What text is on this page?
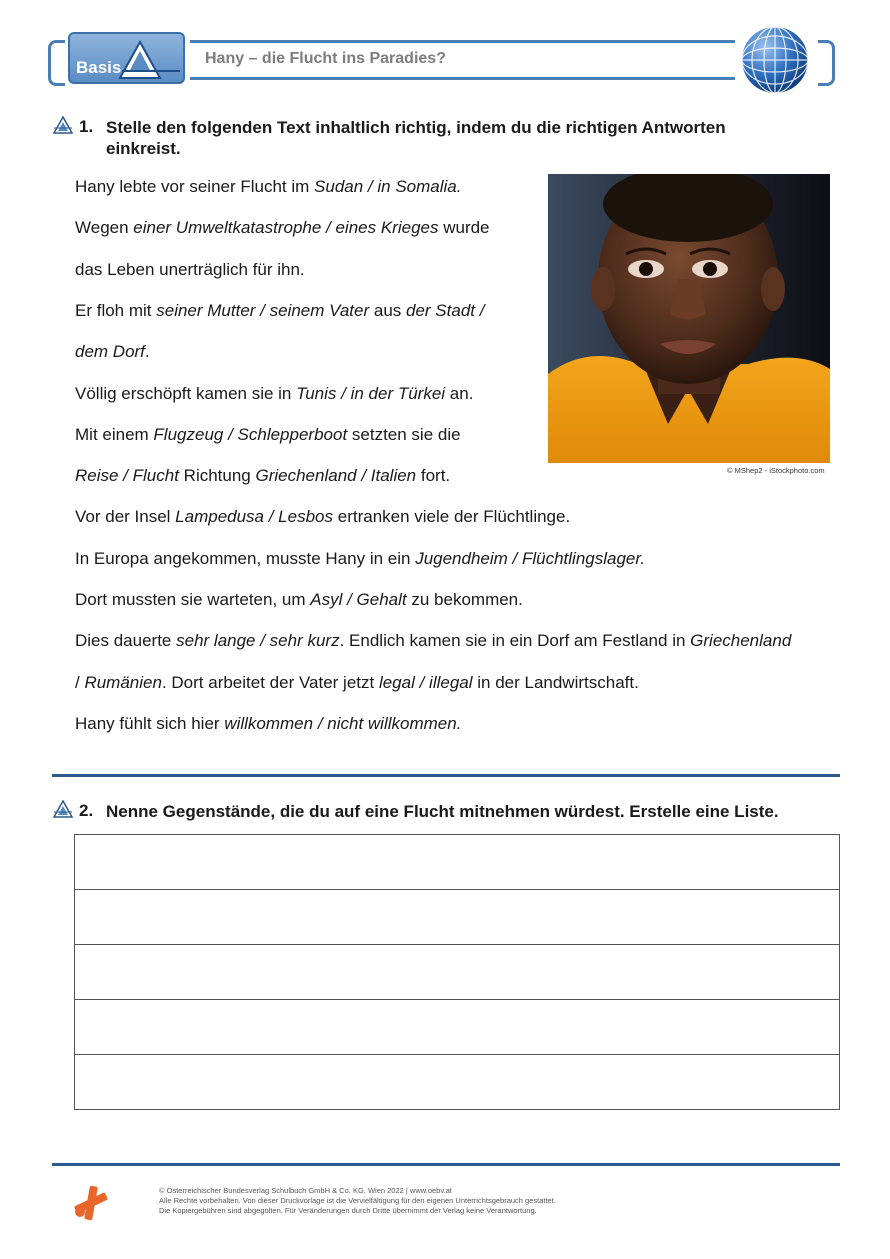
Basis	Hany – die Flucht ins Paradies?
1. Stelle den folgenden Text inhaltlich richtig, indem du die richtigen Antworten
einkreist.
© MShep2 - iStockphoto.com
Hany lebte vor seiner Flucht im Sudan / in Somalia.
Wegen einer Umweltkatastrophe / eines Krieges wurde
das Leben unerträglich für ihn.
Er floh mit seiner Mutter / seinem Vater aus der Stadt /
dem Dorf.
Völlig erschöpft kamen sie in Tunis / in der Türkei an.
Mit einem Flugzeug / Schlepperboot setzten sie die
Reise / Flucht Richtung Griechenland / Italien fort.
Vor der Insel Lampedusa / Lesbos ertranken viele der Flüchtlinge.
In Europa angekommen, musste Hany in ein Jugendheim / Flüchtlingslager.
Dort mussten sie warteten, um Asyl / Gehalt zu bekommen.
Dies dauerte sehr lange / sehr kurz. Endlich kamen sie in ein Dorf am Festland in Griechenland
/ Rumänien. Dort arbeitet der Vater jetzt legal / illegal in der Landwirtschaft.
Hany fühlt sich hier willkommen / nicht willkommen.
2. Nenne Gegenstände, die du auf eine Flucht mitnehmen würdest. Erstelle eine Liste.

© Österreichischer Bundesverlag Schulbuch GmbH & Co. KG, Wien 2022 | www.oebv.at
Alle Rechte vorbehalten. Von dieser Druckvorlage ist die Vervielfältigung für den eigenen Unterrichtsgebrauch gestattet.
Die Kopiergebühren sind abgegolten. Für Veränderungen durch Dritte übernimmt der Verlag keine Verantwortung.
